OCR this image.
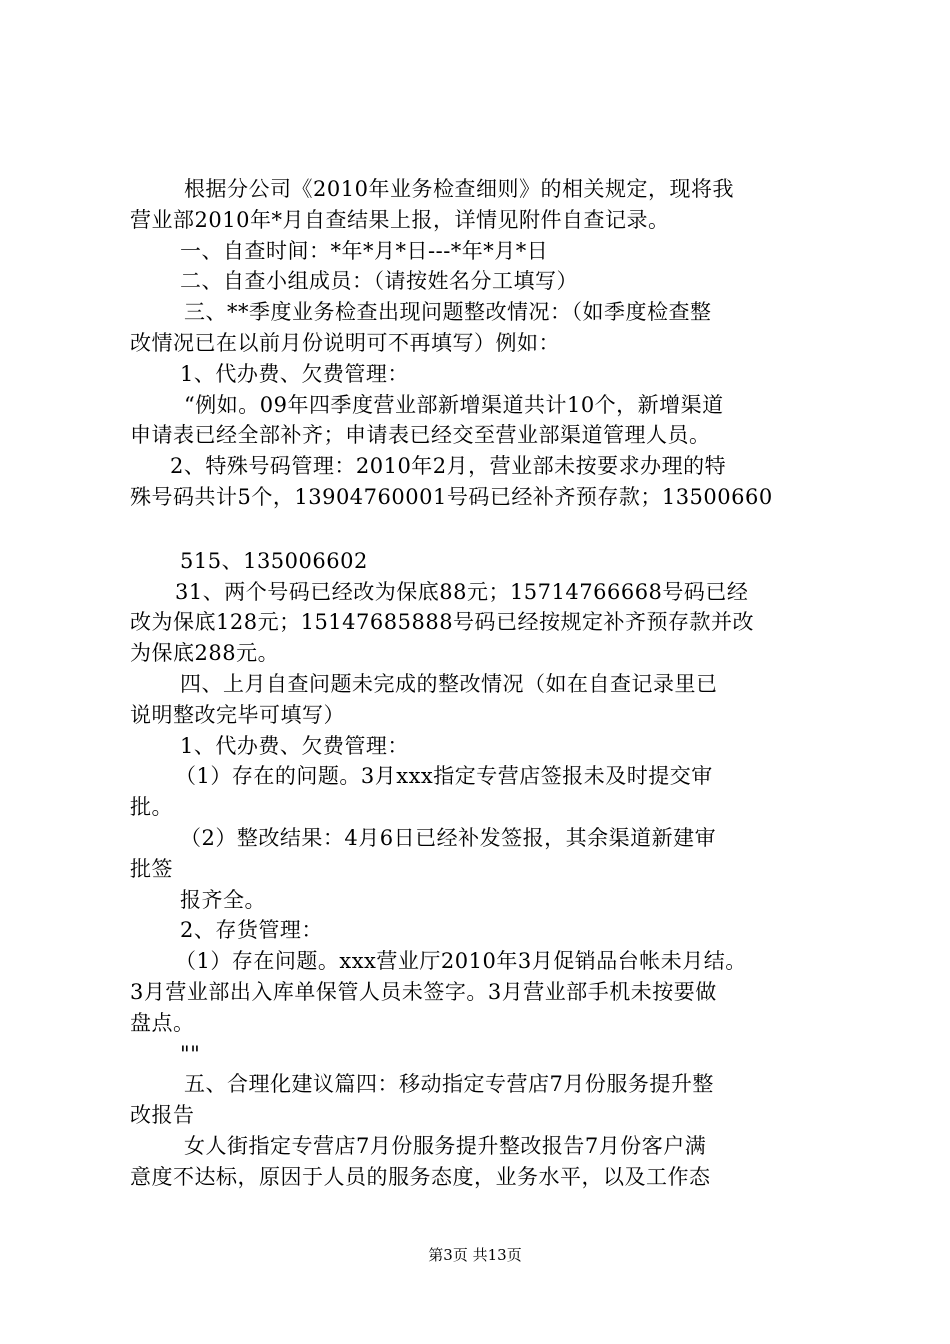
根据分公司《2010年业务检查细则》的相关规定，现将我
营业部2010年*月自查结果上报，详情见附件自查记录。
一、自查时间：*年*月*日---*年*月*日
二、自查小组成员：（请按姓名分工填写）
三、**季度业务检查出现问题整改情况：（如季度检查整
改情况已在以前月份说明可不再填写）例如：
1、代办费、欠费管理：
“例如。09年四季度营业部新增渠道共计10个，新增渠道
申请表已经全部补齐；申请表已经交至营业部渠道管理人员。
2、特殊号码管理：2010年2月，营业部未按要求办理的特
殊号码共计5个，13904760001号码已经补齐预存款；13500660
515、135006602
31、两个号码已经改为保底88元；15714766668号码已经
改为保底128元；15147685888号码已经按规定补齐预存款并改
为保底288元。
四、上月自查问题未完成的整改情况（如在自查记录里已
说明整改完毕可填写）
1、代办费、欠费管理：
（1）存在的问题。3月xxx指定专营店签报未及时提交审
批。
（2）整改结果：4月6日已经补发签报，其余渠道新建审
批签
报齐全。
2、存货管理：
（1）存在问题。xxx营业厅2010年3月促销品台帐未月结。
3月营业部出入库单保管人员未签字。3月营业部手机未按要做
盘点。
""
五、合理化建议篇四：移动指定专营店7月份服务提升整
改报告
女人街指定专营店7月份服务提升整改报告7月份客户满
意度不达标，原因于人员的服务态度，业务水平，以及工作态
第3页 共13页
